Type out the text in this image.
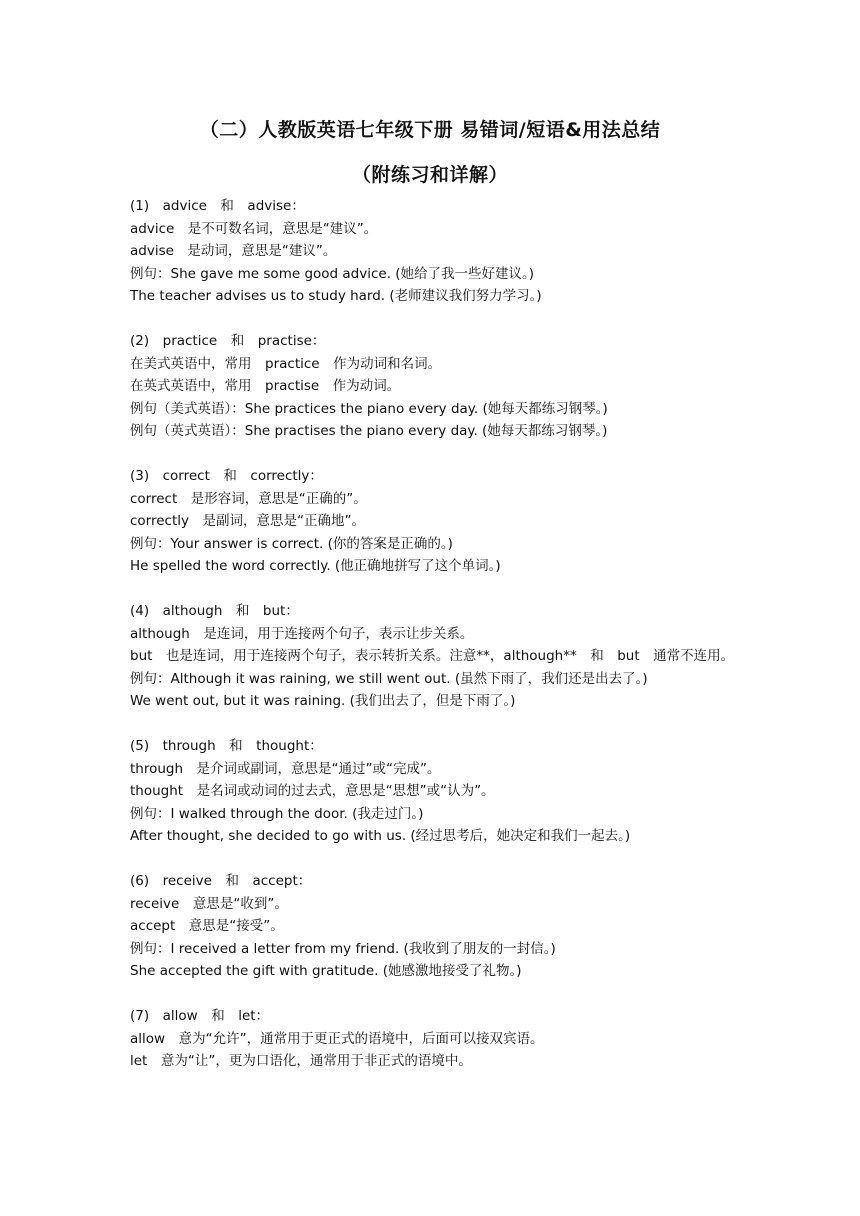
（二）人教版英语七年级下册 易错词/短语&用法总结
（附练习和详解）
(1)　advice　和　advise：
advice　是不可数名词，意思是“建议”。
advise　是动词，意思是“建议”。
例句：She gave me some good advice. (她给了我一些好建议。)
The teacher advises us to study hard. (老师建议我们努力学习。)
(2)　practice　和　practise：
在美式英语中，常用　practice　作为动词和名词。
在英式英语中，常用　practise　作为动词。
例句（美式英语）：She practices the piano every day. (她每天都练习钢琴。)
例句（英式英语）：She practises the piano every day. (她每天都练习钢琴。)
(3)　correct　和　correctly：
correct　是形容词，意思是“正确的”。
correctly　是副词，意思是“正确地”。
例句：Your answer is correct. (你的答案是正确的。)
He spelled the word correctly. (他正确地拼写了这个单词。)
(4)　although　和　but：
although　是连词，用于连接两个句子，表示让步关系。
but　也是连词，用于连接两个句子，表示转折关系。注意**，although**　和　but　通常不连用。
例句：Although it was raining, we still went out. (虽然下雨了，我们还是出去了。)
We went out, but it was raining. (我们出去了，但是下雨了。)
(5)　through　和　thought：
through　是介词或副词，意思是“通过”或“完成”。
thought　是名词或动词的过去式，意思是“思想”或“认为”。
例句：I walked through the door. (我走过门。)
After thought, she decided to go with us. (经过思考后，她决定和我们一起去。)
(6)　receive　和　accept：
receive　意思是“收到”。
accept　意思是“接受”。
例句：I received a letter from my friend. (我收到了朋友的一封信。)
She accepted the gift with gratitude. (她感激地接受了礼物。)
(7)　allow　和　let：
allow　意为“允许”，通常用于更正式的语境中，后面可以接双宾语。
let　意为“让”，更为口语化，通常用于非正式的语境中。
